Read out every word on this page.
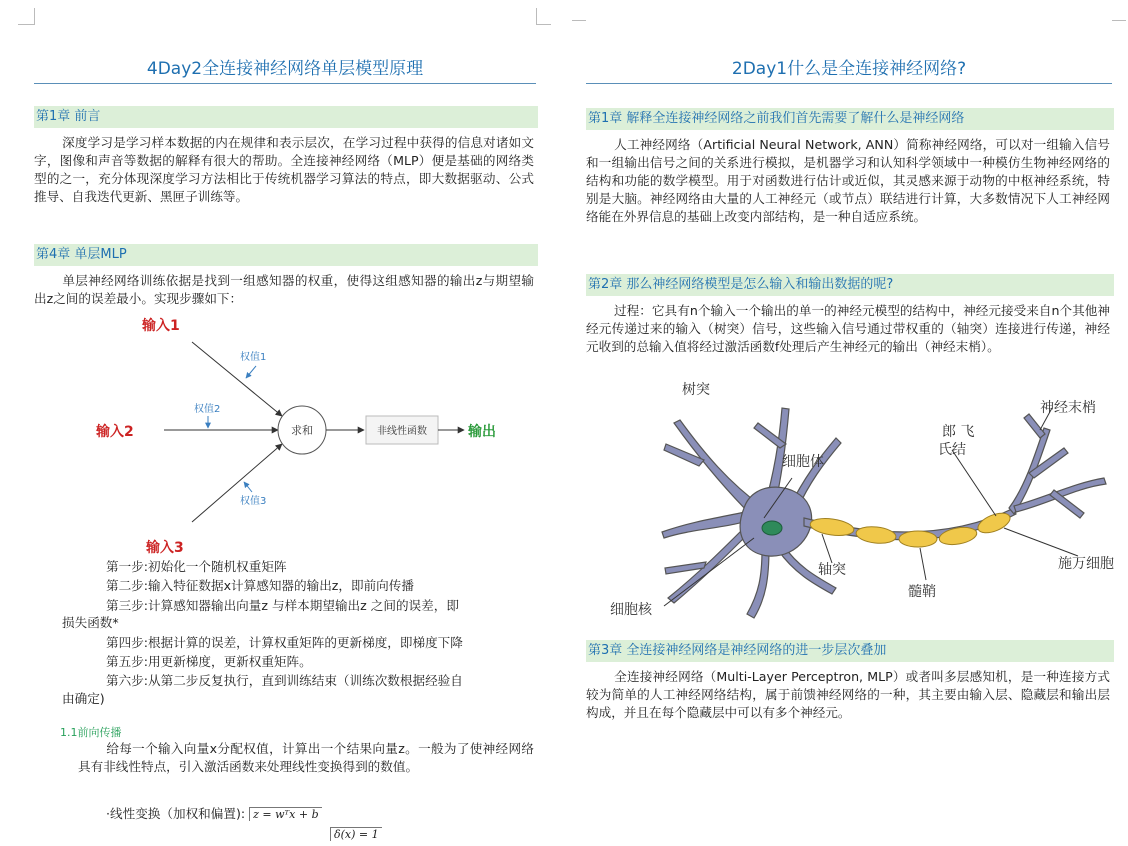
4Day2全连接神经网络单层模型原理
第1章 前言

深度学习是学习样本数据的内在规律和表示层次，在学习过程中获得的信息对诸如文字，图像和声音等数据的解释有很大的帮助。全连接神经网络（MLP）便是基础的网络类型的之一，充分体现深度学习方法相比于传统机器学习算法的特点，即大数据驱动、公式推导、自我迭代更新、黑匣子训练等。

第4章 单层MLP

单层神经网络训练依据是找到一组感知器的权重，使得这组感知器的输出z与期望输出z之间的误差最小。实现步骤如下：

输入1
输入2
输入3
权值1
权值2
权值3
求和	非线性函数	输出
第一步:初始化一个随机权重矩阵
第二步:输入特征数据x计算感知器的输出z，即前向传播
第三步:计算感知器输出向量z 与样本期望输出z 之间的误差，即
损失函数*
第四步:根据计算的误差，计算权重矩阵的更新梯度，即梯度下降
第五步:用更新梯度，更新权重矩阵。
第六步:从第二步反复执行，直到训练结束（训练次数根据经验自
由确定)
1.1前向传播

给每一个输入向量x分配权值，计算出一个结果向量z。一般为了使神经网络具有非线性特点，引入激活函数来处理线性变换得到的数值。

·线性变换（加权和偏置): z = wᵀx + b
δ(x) = 1
2Day1什么是全连接神经网络?
第1章 解释全连接神经网络之前我们首先需要了解什么是神经网络

人工神经网络（Artificial Neural Network, ANN）简称神经网络，可以对一组输入信号和一组输出信号之间的关系进行模拟，是机器学习和认知科学领域中一种模仿生物神经网络的结构和功能的数学模型。用于对函数进行估计或近似，其灵感来源于动物的中枢神经系统，特别是大脑。神经网络由大量的人工神经元（或节点）联结进行计算，大多数情况下人工神经网络能在外界信息的基础上改变内部结构，是一种自适应系统。

第2章 那么神经网络模型是怎么输入和输出数据的呢?

过程：它具有n个输入一个输出的单一的神经元模型的结构中，神经元接受来自n个其他神经元传递过来的输入（树突）信号，这些输入信号通过带权重的（轴突）连接进行传递，神经元收到的总输入值将经过激活函数f处理后产生神经元的输出（神经末梢）。

树突
细胞体
郎 飞
氏结
神经末梢
轴突
髓鞘
施万细胞
细胞核
第3章 全连接神经网络是神经网络的进一步层次叠加

全连接神经网络（Multi-Layer Perceptron, MLP）或者叫多层感知机，是一种连接方式较为简单的人工神经网络结构，属于前馈神经网络的一种，其主要由输入层、隐藏层和输出层构成，并且在每个隐藏层中可以有多个神经元。
